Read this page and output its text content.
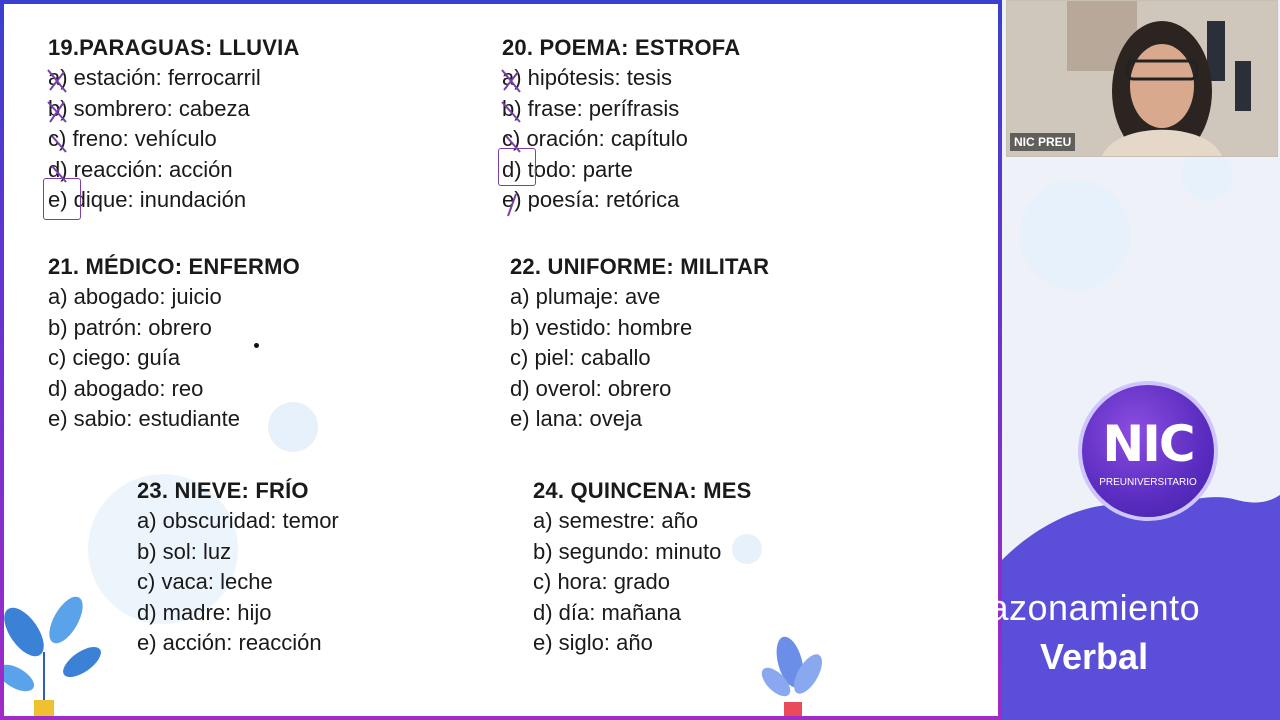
19.PARAGUAS: LLUVIA
a) estación: ferrocarril
b) sombrero: cabeza
c) freno: vehículo
d) reacción: acción
e) dique: inundación
20. POEMA: ESTROFA
a) hipótesis: tesis
b) frase: perífrasis
c) oración: capítulo
d) todo: parte
e) poesía: retórica
21. MÉDICO: ENFERMO
a) abogado: juicio
b) patrón: obrero
c) ciego: guía
d) abogado: reo
e) sabio: estudiante
22. UNIFORME: MILITAR
a) plumaje: ave
b) vestido: hombre
c) piel: caballo
d) overol: obrero
e) lana: oveja
23. NIEVE: FRÍO
a) obscuridad: temor
b) sol: luz
c) vaca: leche
d) madre: hijo
e) acción: reacción
24. QUINCENA: MES
a) semestre: año
b) segundo: minuto
c) hora: grado
d) día: mañana
e) siglo: año
NIC PREU
NIC
PREUNIVERSITARIO
Razonamiento
Verbal
